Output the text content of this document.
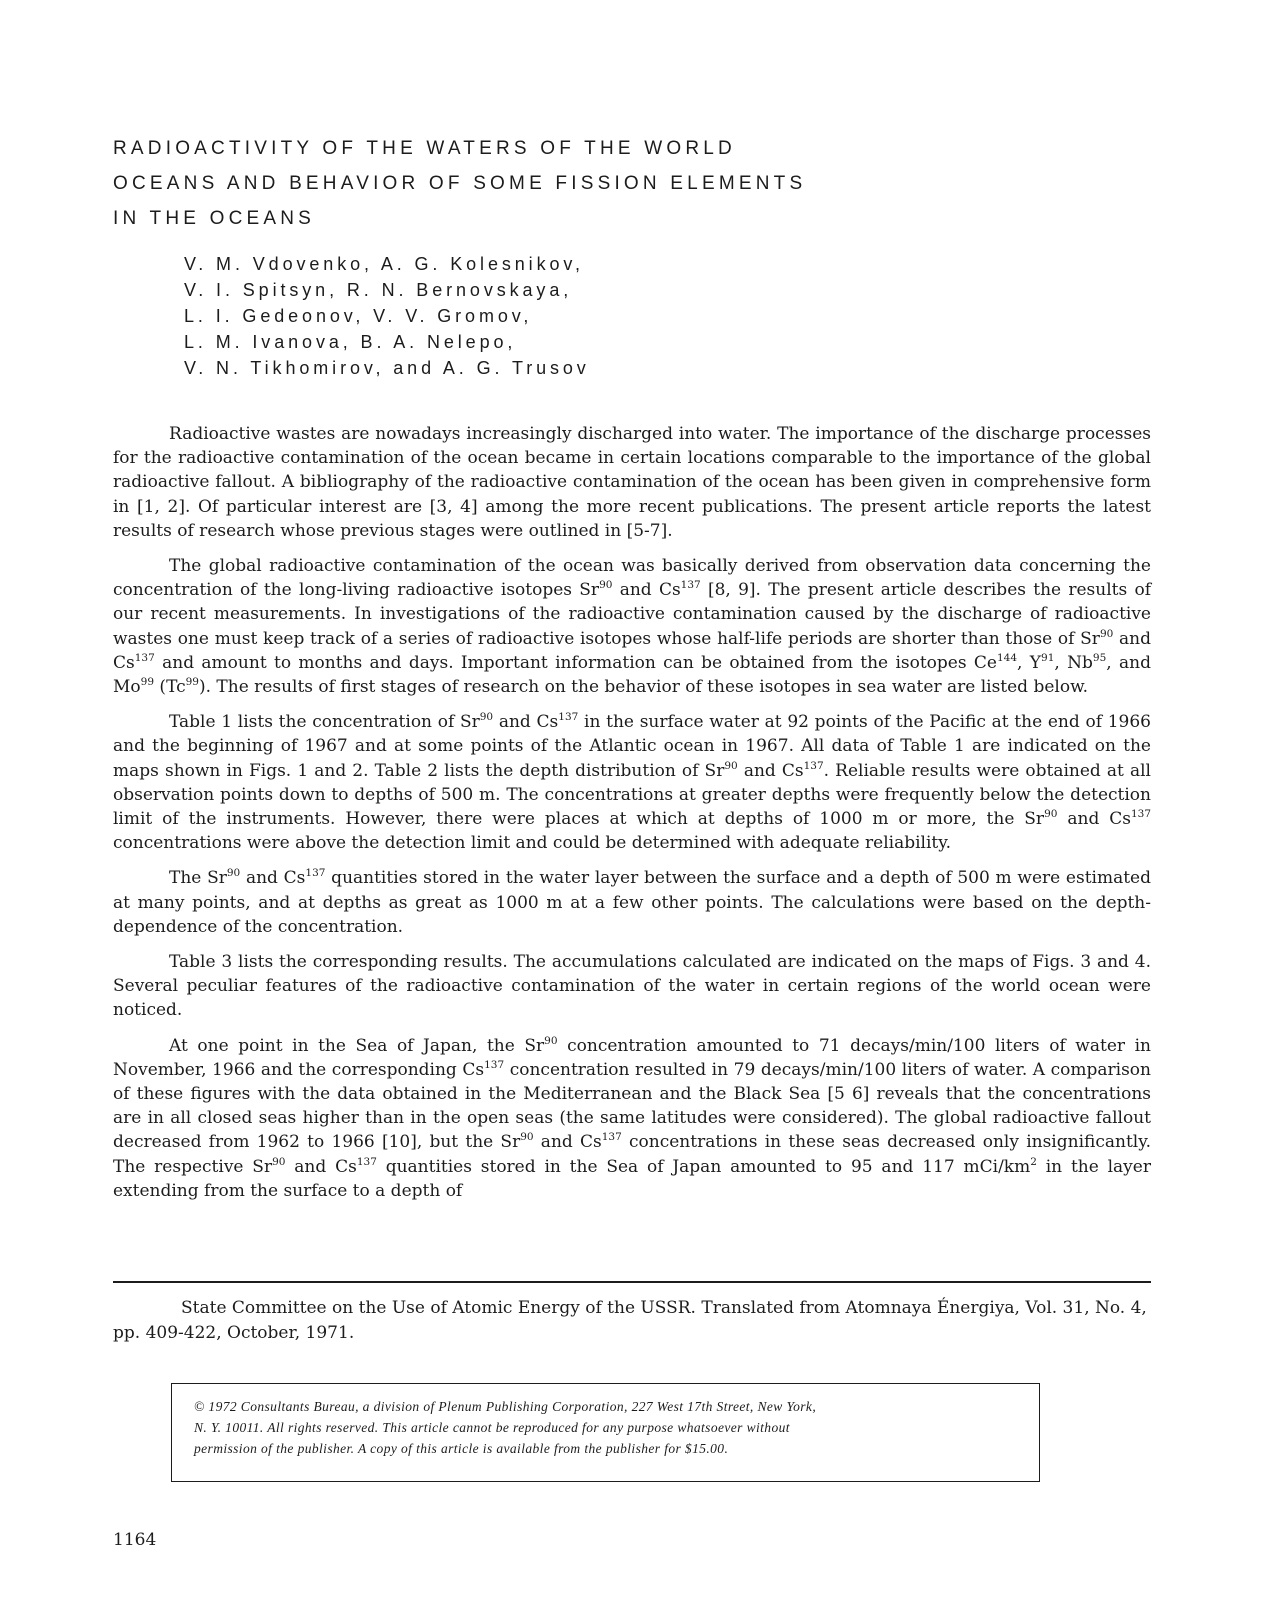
RADIOACTIVITY OF THE WATERS OF THE WORLD
OCEANS AND BEHAVIOR OF SOME FISSION ELEMENTS
IN THE OCEANS
V. M. Vdovenko, A. G. Kolesnikov,
V. I. Spitsyn, R. N. Bernovskaya,
L. I. Gedeonov, V. V. Gromov,
L. M. Ivanova, B. A. Nelepo,
V. N. Tikhomirov, and A. G. Trusov

Radioactive wastes are nowadays increasingly discharged into water. The importance of the discharge processes for the radioactive contamination of the ocean became in certain locations comparable to the importance of the global radioactive fallout. A bibliography of the radioactive contamination of the ocean has been given in comprehensive form in [1, 2]. Of particular interest are [3, 4] among the more recent publications. The present article reports the latest results of research whose previous stages were outlined in [5-7].

The global radioactive contamination of the ocean was basically derived from observation data concerning the concentration of the long-living radioactive isotopes Sr$^{90}$ and Cs$^{137}$ [8, 9]. The present article describes the results of our recent measurements. In investigations of the radioactive contamination caused by the discharge of radioactive wastes one must keep track of a series of radioactive isotopes whose half-life periods are shorter than those of Sr$^{90}$ and Cs$^{137}$ and amount to months and days. Important information can be obtained from the isotopes Ce$^{144}$, $Y^{91}$, Nb$^{95}$, and Mo$^{99}$ (Tc$^{99}$). The results of first stages of research on the behavior of these isotopes in sea water are listed below.

Table 1 lists the concentration of Sr$^{90}$ and Cs$^{137}$ in the surface water at 92 points of the Pacific at the end of 1966 and the beginning of 1967 and at some points of the Atlantic ocean in 1967. All data of Table 1 are indicated on the maps shown in Figs. 1 and 2. Table 2 lists the depth distribution of Sr$^{90}$ and Cs$^{137}$. Reliable results were obtained at all observation points down to depths of 500 m. The concentrations at greater depths were frequently below the detection limit of the instruments. However, there were places at which at depths of 1000 m or more, the Sr$^{90}$ and Cs$^{137}$ concentrations were above the detection limit and could be determined with adequate reliability.

The Sr$^{90}$ and Cs$^{137}$ quantities stored in the water layer between the surface and a depth of 500 m were estimated at many points, and at depths as great as 1000 m at a few other points. The calculations were based on the depth-dependence of the concentration.

Table 3 lists the corresponding results. The accumulations calculated are indicated on the maps of Figs. 3 and 4. Several peculiar features of the radioactive contamination of the water in certain regions of the world ocean were noticed.

At one point in the Sea of Japan, the Sr$^{90}$ concentration amounted to 71 decays/min/100 liters of water in November, 1966 and the corresponding Cs$^{137}$ concentration resulted in 79 decays/min/100 liters of water. A comparison of these figures with the data obtained in the Mediterranean and the Black Sea [5 6] reveals that the concentrations are in all closed seas higher than in the open seas (the same latitudes were considered). The global radioactive fallout decreased from 1962 to 1966 [10], but the Sr$^{90}$ and Cs$^{137}$ concentrations in these seas decreased only insignificantly. The respective Sr$^{90}$ and Cs$^{137}$ quantities stored in the Sea of Japan amounted to 95 and 117 mCi/$km^2$ in the layer extending from the surface to a depth of

State Committee on the Use of Atomic Energy of the USSR. Translated from Atomnaya Énergiya, Vol. 31, No. 4, pp. 409-422, October, 1971.

© 1972 Consultants Bureau, a division of Plenum Publishing Corporation, 227 West 17th Street, New York,
N. Y. 10011. All rights reserved. This article cannot be reproduced for any purpose whatsoever without
permission of the publisher. A copy of this article is available from the publisher for $15.00.
1164
